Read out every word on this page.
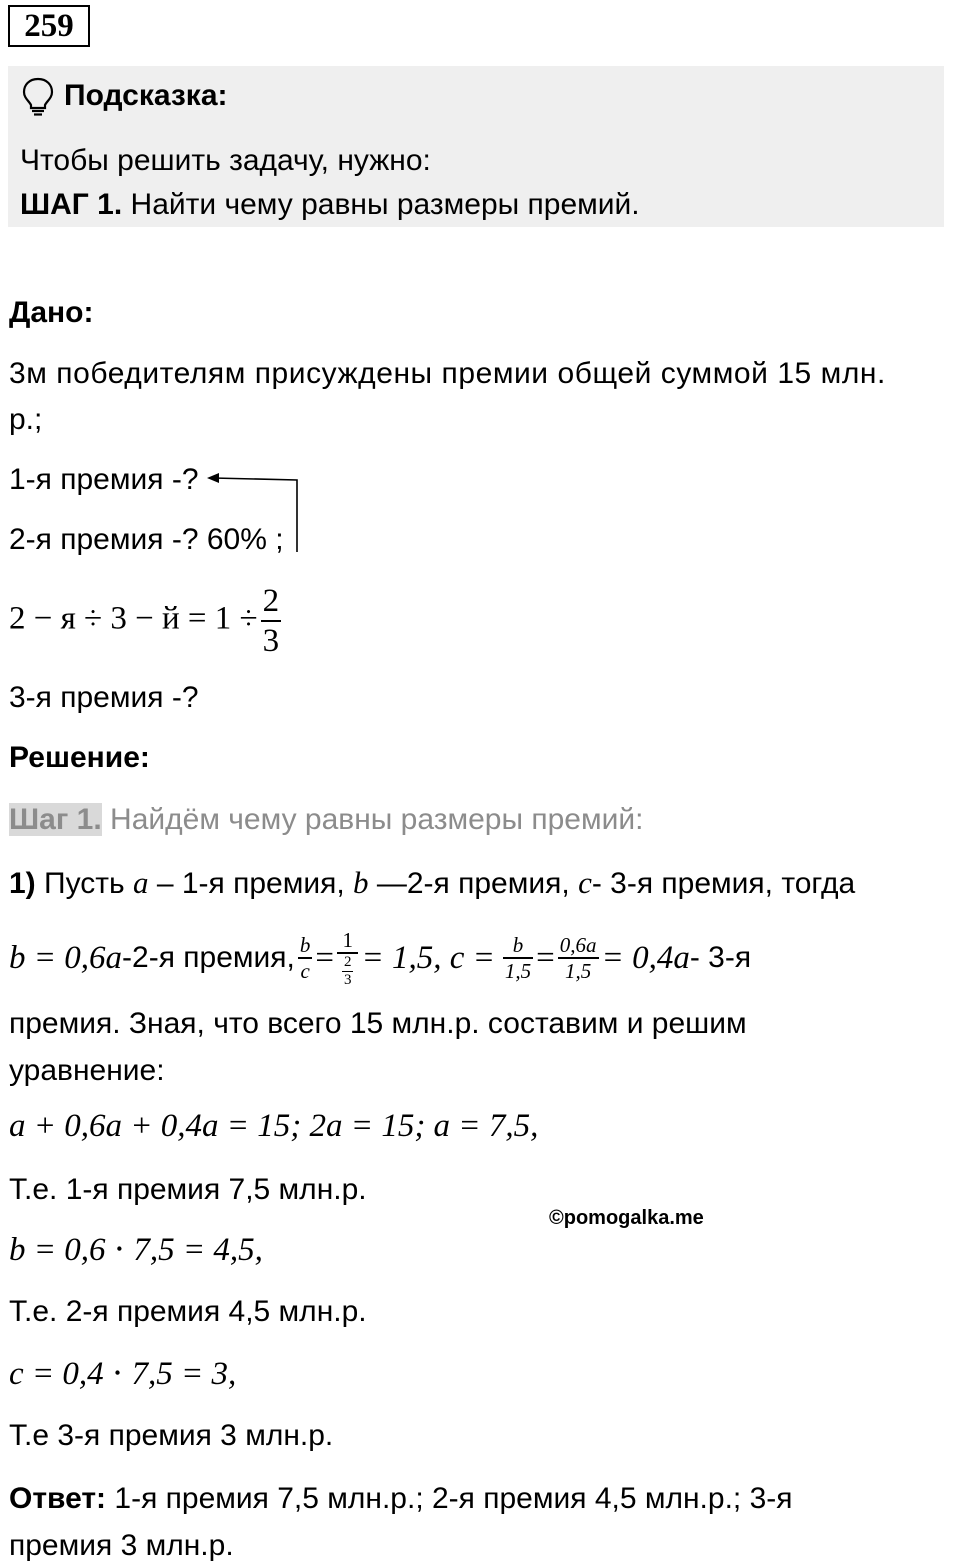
259
Подсказка:
Чтобы решить задачу, нужно:
ШАГ 1. Найти чему равны размеры премий.
Дано:
3м победителям присуждены премии общей суммой 15 млн.
р.;
1-я премия -?
2-я премия -? 60% ;
$2 - я \div 3 - й = 1 \div \frac{2}{3}$
3-я премия -?
Решение:
Шаг 1. Найдём чему равны размеры премий:
1) Пусть a – 1-я премия, b —2-я премия, c- 3-я премия, тогда
b = 0,6a -2-я премия, $\frac{b}{c} = \frac{1}{\frac{2}{3}} = 1,5$, $c = \frac{b}{1,5} = \frac{0,6a}{1,5} = 0,4a - 3-я$
премия. Зная, что всего 15 млн.р. составим и решим
уравнение:
a + 0,6a + 0,4a = 15; 2a = 15; a = 7,5,
Т.е. 1-я премия 7,5 млн.р.
©pomogalka.me
b = 0,6 ⋅ 7,5 = 4,5,
Т.е. 2-я премия 4,5 млн.р.
c = 0,4 ⋅ 7,5 = 3,
Т.е 3-я премия 3 млн.р.
Ответ: 1-я премия 7,5 млн.р.; 2-я премия 4,5 млн.р.; 3-я
премия 3 млн.р.
